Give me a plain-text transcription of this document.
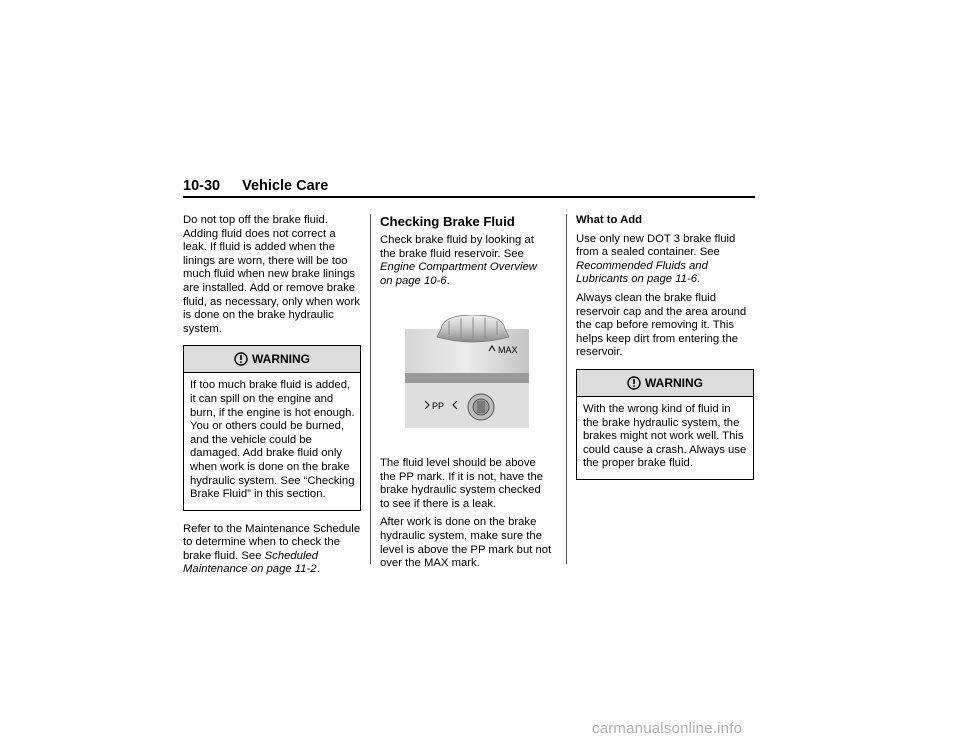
10-30 Vehicle Care

Do not top off the brake fluid. Adding fluid does not correct a leak. If fluid is added when the linings are worn, there will be too much fluid when new brake linings are installed. Add or remove brake fluid, as necessary, only when work is done on the brake hydraulic system.

WARNING
If too much brake fluid is added, it can spill on the engine and burn, if the engine is hot enough. You or others could be burned, and the vehicle could be damaged. Add brake fluid only when work is done on the brake hydraulic system. See “Checking Brake Fluid” in this section.

Refer to the Maintenance Schedule to determine when to check the brake fluid. See Scheduled Maintenance on page 11-2.

Checking Brake Fluid

Check brake fluid by looking at the brake fluid reservoir. See Engine Compartment Overview on page 10-6.

MAX
PP

The fluid level should be above the PP mark. If it is not, have the brake hydraulic system checked to see if there is a leak.

After work is done on the brake hydraulic system, make sure the level is above the PP mark but not over the MAX mark.

What to Add

Use only new DOT 3 brake fluid from a sealed container. See Recommended Fluids and Lubricants on page 11-6.

Always clean the brake fluid reservoir cap and the area around the cap before removing it. This helps keep dirt from entering the reservoir.

WARNING
With the wrong kind of fluid in the brake hydraulic system, the brakes might not work well. This could cause a crash. Always use the proper brake fluid.
carmanualsonline.info
